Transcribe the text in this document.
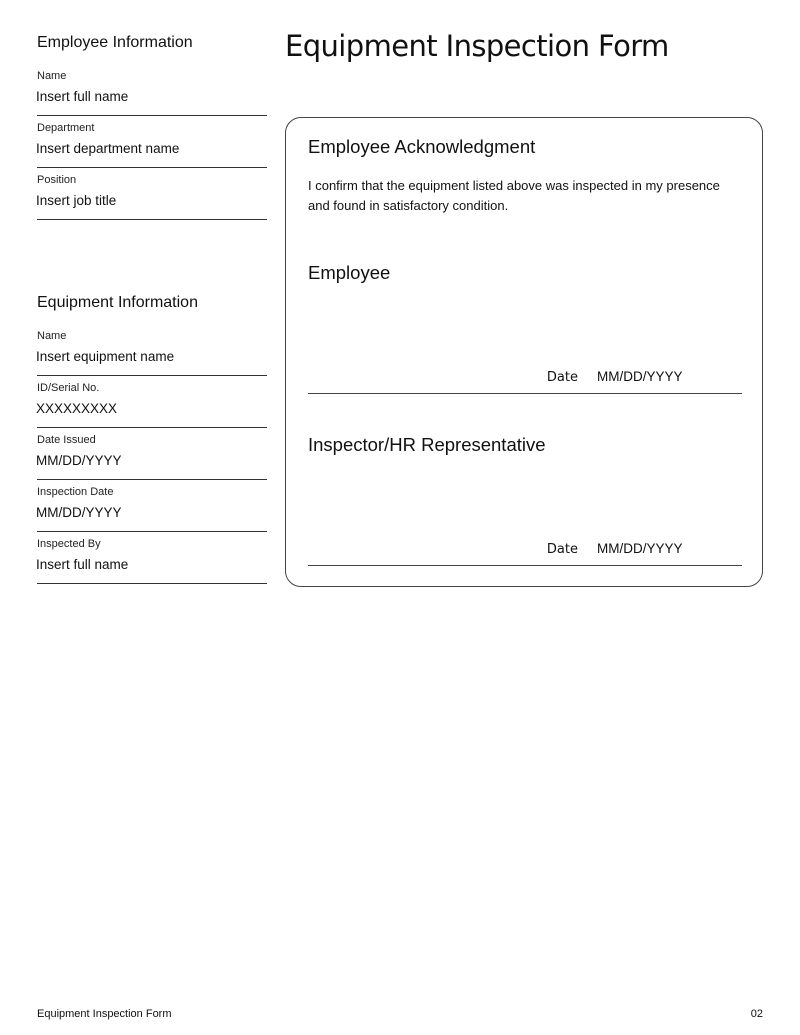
Equipment Inspection Form
Employee Information
Name
Insert full name
Department
Insert department name
Position
Insert job title
Equipment Information
Name
Insert equipment name
ID/Serial No.
XXXXXXXXX
Date Issued
MM/DD/YYYY
Inspection Date
MM/DD/YYYY
Inspected By
Insert full name
Employee Acknowledgment
I confirm that the equipment listed above was inspected in my presence and found in satisfactory condition.
Employee
Date MM/DD/YYYY
Inspector/HR Representative
Date MM/DD/YYYY
Equipment Inspection Form	02
